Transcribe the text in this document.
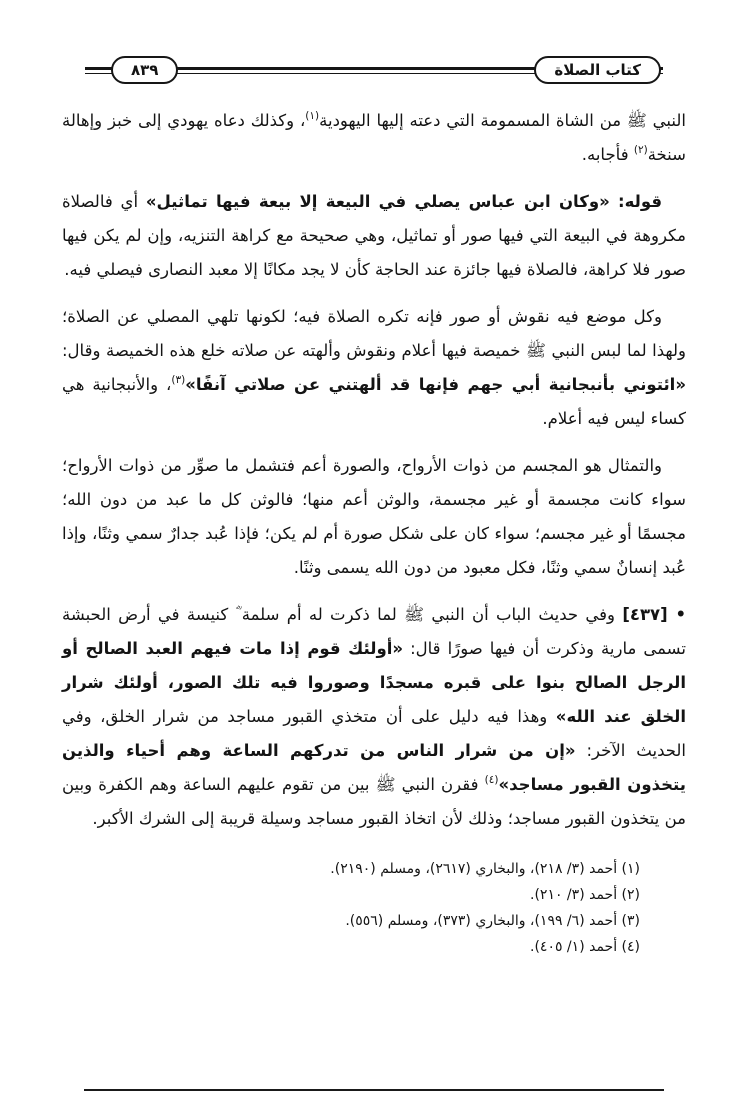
٨٣٩	كتاب الصلاة

النبي ﷺ من الشاة المسمومة التي دعته إليها اليهودية$^{(١)}$، وكذلك دعاه يهودي إلى خبز وإهالة سنخة$^{(٢)}$ فأجابه.

قوله: «وكان ابن عباس يصلي في البيعة إلا بيعة فيها تماثيل» أي فالصلاة مكروهة في البيعة التي فيها صور أو تماثيل، وهي صحيحة مع كراهة التنزيه، وإن لم يكن فيها صور فلا كراهة، فالصلاة فيها جائزة عند الحاجة كأن لا يجد مكانًا إلا معبد النصارى فيصلي فيه.

وكل موضع فيه نقوش أو صور فإنه تكره الصلاة فيه؛ لكونها تلهي المصلي عن الصلاة؛ ولهذا لما لبس النبي ﷺ خميصة فيها أعلام ونقوش وألهته عن صلاته خلع هذه الخميصة وقال: «ائتوني بأنبجانية أبي جهم فإنها قد ألهتني عن صلاتي آنفًا»$^{(٣)}$، والأنبجانية هي كساء ليس فيه أعلام.

والتمثال هو المجسم من ذوات الأرواح، والصورة أعم فتشمل ما صوِّر من ذوات الأرواح؛ سواء كانت مجسمة أو غير مجسمة، والوثن أعم منها؛ فالوثن كل ما عبد من دون الله؛ مجسمًا أو غير مجسم؛ سواء كان على شكل صورة أم لم يكن؛ فإذا عُبد جدارٌ سمي وثنًا، وإذا عُبد إنسانٌ سمي وثنًا، فكل معبود من دون الله يسمى وثنًا.

• [٤٣٧] وفي حديث الباب أن النبي ﷺ لما ذكرت له أم سلمة ؓ كنيسة في أرض الحبشة تسمى مارية وذكرت أن فيها صورًا قال: «أولئك قوم إذا مات فيهم العبد الصالح أو الرجل الصالح بنوا على قبره مسجدًا وصوروا فيه تلك الصور، أولئك شرار الخلق عند الله» وهذا فيه دليل على أن متخذي القبور مساجد من شرار الخلق، وفي الحديث الآخر: «إن من شرار الناس من تدركهم الساعة وهم أحياء والذين يتخذون القبور مساجد»$^{(٤)}$ فقرن النبي ﷺ بين من تقوم عليهم الساعة وهم الكفرة وبين من يتخذون القبور مساجد؛ وذلك لأن اتخاذ القبور مساجد وسيلة قريبة إلى الشرك الأكبر.

(١) أحمد (٣/ ٢١٨)، والبخاري (٢٦١٧)، ومسلم (٢١٩٠).
(٢) أحمد (٣/ ٢١٠).
(٣) أحمد (٦/ ١٩٩)، والبخاري (٣٧٣)، ومسلم (٥٥٦).
(٤) أحمد (١/ ٤٠٥).
